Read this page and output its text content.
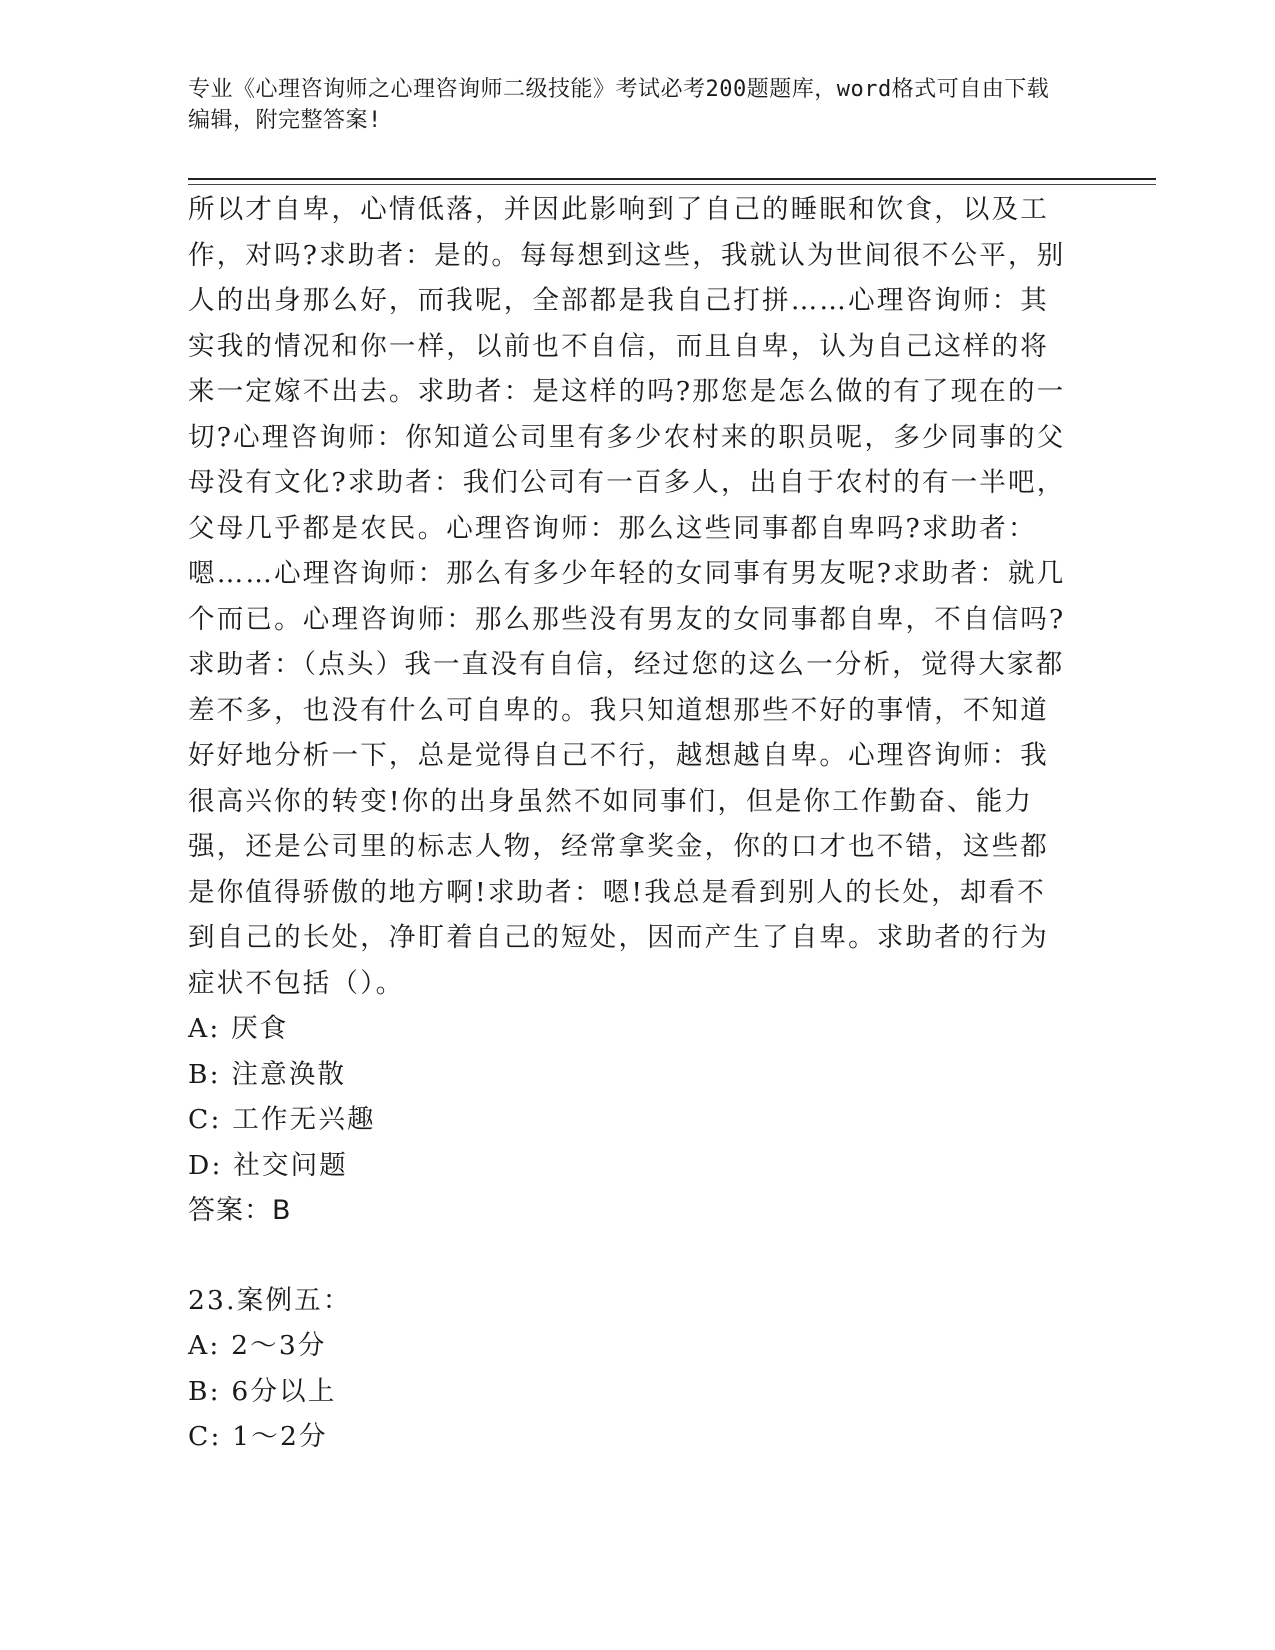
专业《心理咨询师之心理咨询师二级技能》考试必考200题题库，word格式可自由下载编辑，附完整答案!

所以才自卑，心情低落，并因此影响到了自己的睡眠和饮食，以及工作，对吗?求助者：是的。每每想到这些，我就认为世间很不公平，别人的出身那么好，而我呢，全部都是我自己打拼……心理咨询师：其实我的情况和你一样，以前也不自信，而且自卑，认为自己这样的将来一定嫁不出去。求助者：是这样的吗?那您是怎么做的有了现在的一切?心理咨询师：你知道公司里有多少农村来的职员呢，多少同事的父母没有文化?求助者：我们公司有一百多人，出自于农村的有一半吧，父母几乎都是农民。心理咨询师：那么这些同事都自卑吗?求助者：嗯……心理咨询师：那么有多少年轻的女同事有男友呢?求助者：就几个而已。心理咨询师：那么那些没有男友的女同事都自卑，不自信吗?求助者：（点头）我一直没有自信，经过您的这么一分析，觉得大家都差不多，也没有什么可自卑的。我只知道想那些不好的事情，不知道好好地分析一下，总是觉得自己不行，越想越自卑。心理咨询师：我很高兴你的转变!你的出身虽然不如同事们，但是你工作勤奋、能力强，还是公司里的标志人物，经常拿奖金，你的口才也不错，这些都是你值得骄傲的地方啊!求助者：嗯!我总是看到别人的长处，却看不到自己的长处，净盯着自己的短处，因而产生了自卑。求助者的行为症状不包括（）。

A: 厌食

B: 注意涣散

C: 工作无兴趣

D: 社交问题

答案：B

23.案例五：

A: 2～3分

B: 6分以上

C: 1～2分
